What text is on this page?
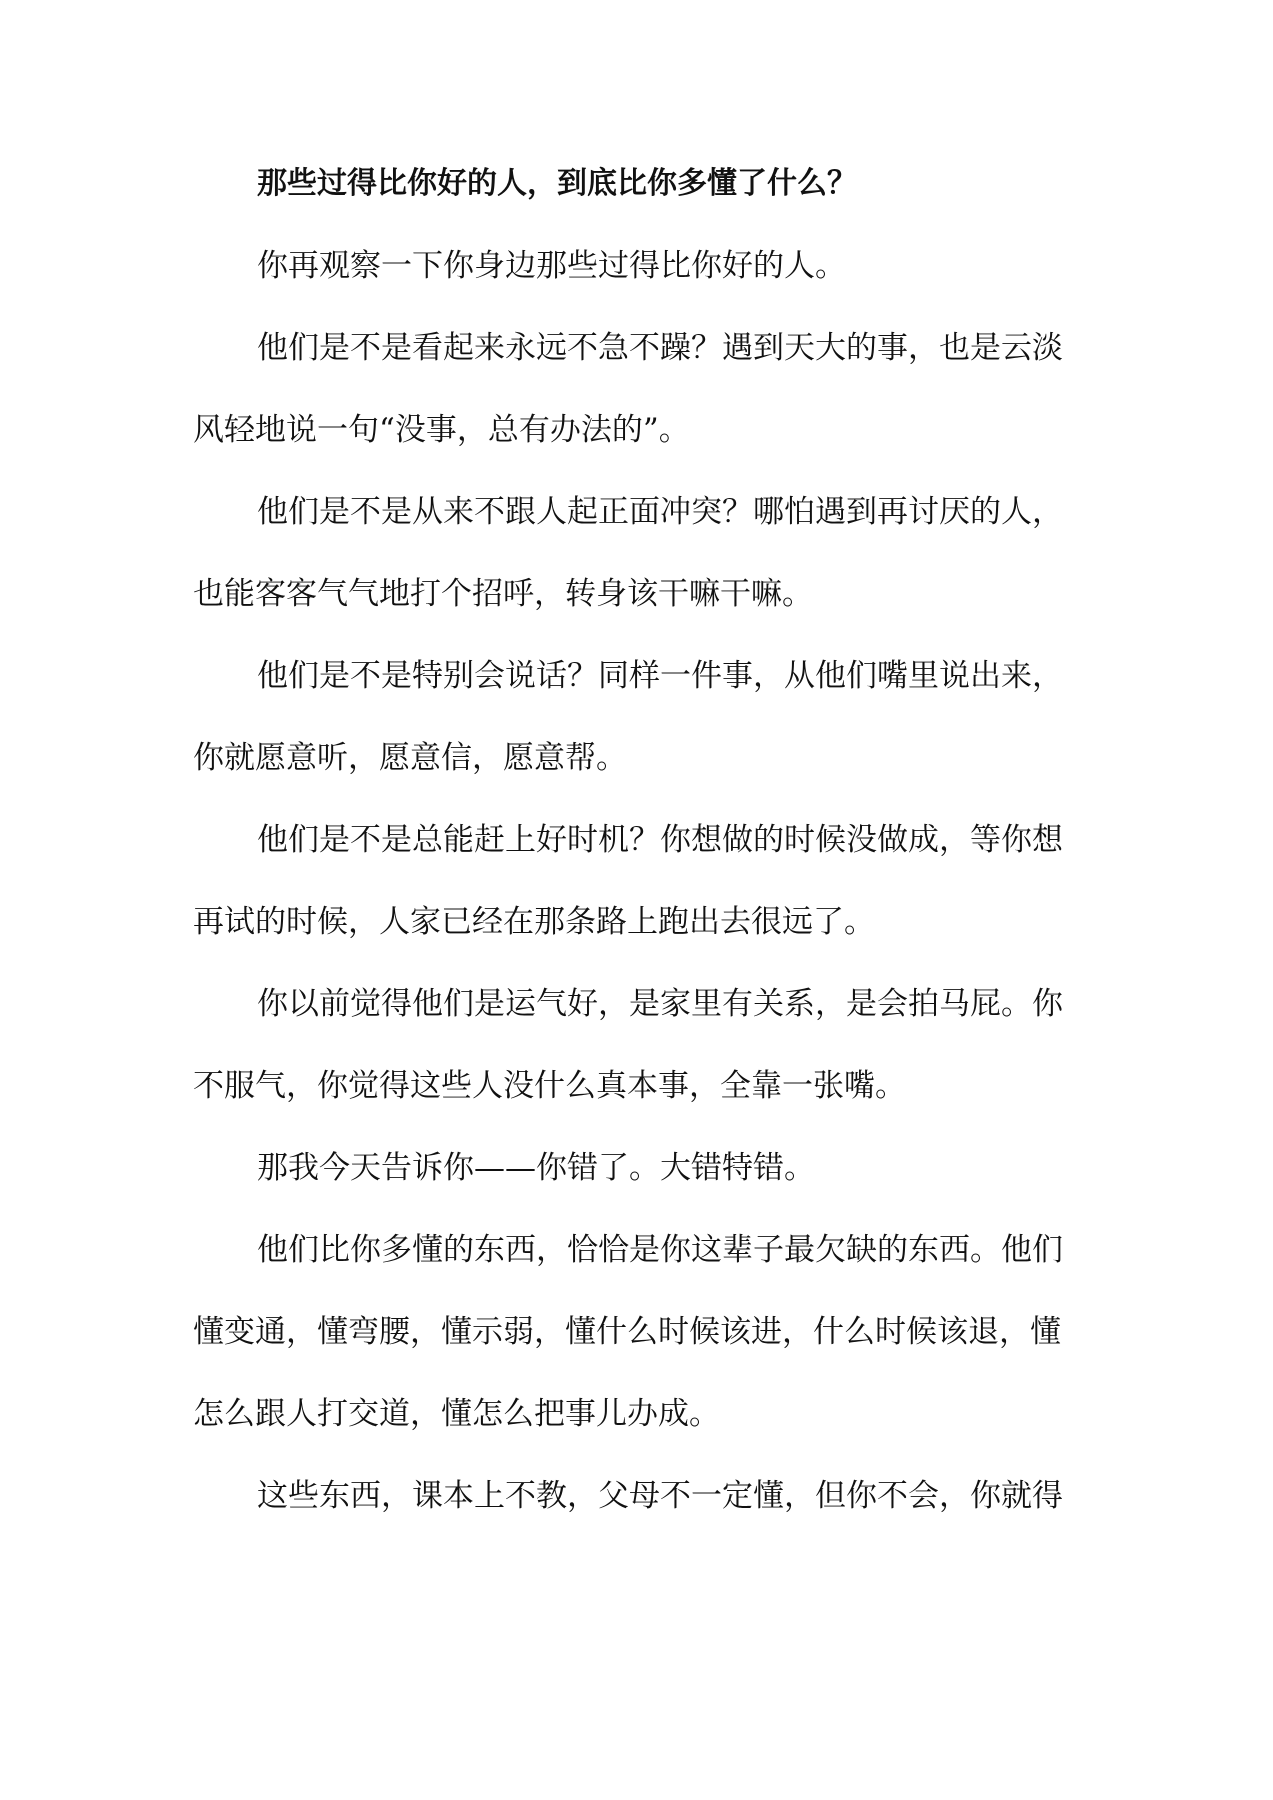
那些过得比你好的人，到底比你多懂了什么？

你再观察一下你身边那些过得比你好的人。

他们是不是看起来永远不急不躁？遇到天大的事，也是云淡

风轻地说一句“没事，总有办法的”。

他们是不是从来不跟人起正面冲突？哪怕遇到再讨厌的人，

也能客客气气地打个招呼，转身该干嘛干嘛。

他们是不是特别会说话？同样一件事，从他们嘴里说出来，

你就愿意听，愿意信，愿意帮。

他们是不是总能赶上好时机？你想做的时候没做成，等你想

再试的时候，人家已经在那条路上跑出去很远了。

你以前觉得他们是运气好，是家里有关系，是会拍马屁。你

不服气，你觉得这些人没什么真本事，全靠一张嘴。

那我今天告诉你——你错了。大错特错。

他们比你多懂的东西，恰恰是你这辈子最欠缺的东西。他们

懂变通，懂弯腰，懂示弱，懂什么时候该进，什么时候该退，懂

怎么跟人打交道，懂怎么把事儿办成。

这些东西，课本上不教，父母不一定懂，但你不会，你就得
